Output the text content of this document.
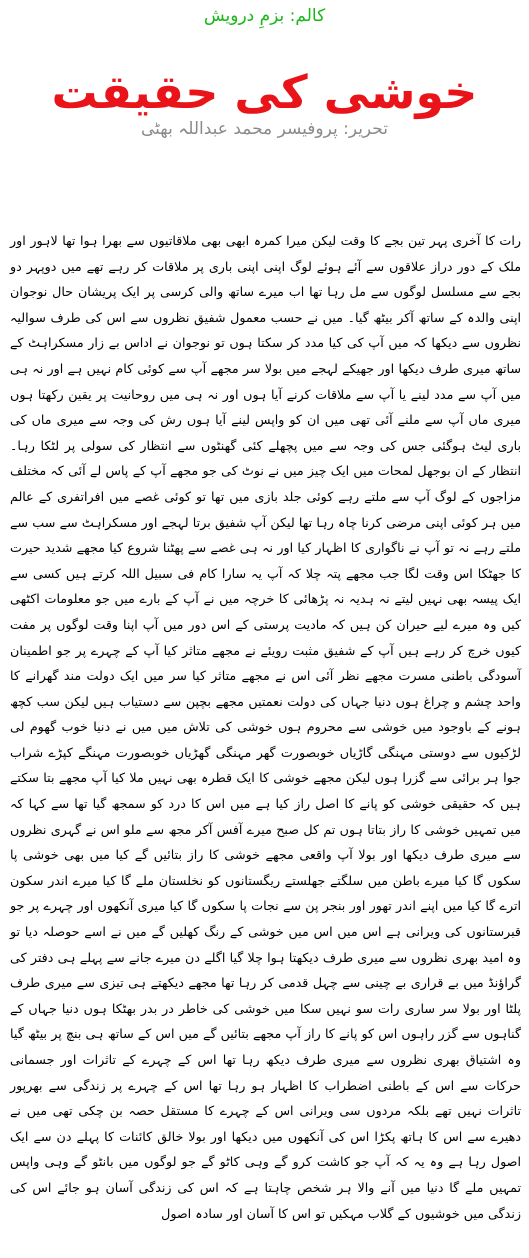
کالم: بزمِ درویش
خوشی کی حقیقت
تحریر: پروفیسر محمد عبداللہ بھٹی

رات کا آخری پہر تین بجے کا وقت لیکن میرا کمرہ ابھی بھی ملاقاتیوں سے بھرا ہوا تھا لاہور اور ملک کے دور دراز علاقوں سے آئے ہوئے لوگ اپنی اپنی باری پر ملاقات کر رہے تھے میں دوپہر دو بجے سے مسلسل لوگوں سے مل رہا تھا اب میرے ساتھ والی کرسی پر ایک پریشان حال نوجوان اپنی والدہ کے ساتھ آکر بیٹھ گیا۔ میں نے حسب معمول شفیق نظروں سے اس کی طرف سوالیہ نظروں سے دیکھا کہ میں آپ کی کیا مدد کر سکتا ہوں تو نوجوان نے اداس بے زار مسکراہٹ کے ساتھ میری طرف دیکھا اور جھیکے لہجے میں بولا سر مجھے آپ سے کوئی کام نہیں ہے اور نہ ہی میں آپ سے مدد لینے یا آپ سے ملاقات کرنے آیا ہوں اور نہ ہی میں روحانیت پر یقین رکھتا ہوں میری ماں آپ سے ملنے آئی تھی میں ان کو واپس لینے آیا ہوں رش کی وجہ سے میری ماں کی باری لیٹ ہوگئی جس کی وجہ سے میں پچھلے کئی گھنٹوں سے انتظار کی سولی پر لٹکا رہا۔ انتظار کے ان بوجھل لمحات میں ایک چیز میں نے نوٹ کی جو مجھے آپ کے پاس لے آئی کہ مختلف مزاجوں کے لوگ آپ سے ملتے رہے کوئی جلد بازی میں تھا تو کوئی غصے میں افراتفری کے عالم میں ہر کوئی اپنی مرضی کرنا چاہ رہا تھا لیکن آپ شفیق برتا لہجے اور مسکراہٹ سے سب سے ملتے رہے نہ تو آپ نے ناگواری کا اظہار کیا اور نہ ہی غصے سے پھٹنا شروع کیا مجھے شدید حیرت کا جھٹکا اس وقت لگا جب مجھے پتہ چلا کہ آپ یہ سارا کام فی سبیل اللہ کرتے ہیں کسی سے ایک پیسہ بھی نہیں لیتے نہ ہدیہ نہ پڑھائی کا خرچہ میں نے آپ کے بارے میں جو معلومات اکٹھی کیں وہ میرے لیے حیران کن ہیں کہ مادیت پرستی کے اس دور میں آپ اپنا وقت لوگوں پر مفت کیوں خرچ کر رہے ہیں آپ کے شفیق مثبت رویئے نے مجھے متاثر کیا آپ کے چہرے پر جو اطمینان آسودگی باطنی مسرت مجھے نظر آئی اس نے مجھے متاثر کیا سر میں ایک دولت مند گھرانے کا واحد چشم و چراغ ہوں دنیا جہاں کی دولت نعمتیں مجھے بچپن سے دستیاب ہیں لیکن سب کچھ ہونے کے باوجود میں خوشی سے محروم ہوں خوشی کی تلاش میں میں نے دنیا خوب گھوم لی لڑکیوں سے دوستی مہنگی گاڑیاں خوبصورت گھر مہنگی گھڑیاں خوبصورت مہنگے کپڑے شراب جوا ہر برائی سے گزرا ہوں لیکن مجھے خوشی کا ایک قطرہ بھی نہیں ملا کیا آپ مجھے بتا سکتے ہیں کہ حقیقی خوشی کو پانے کا اصل راز کیا ہے میں اس کا درد کو سمجھ گیا تھا سے کہا کہ میں تمہیں خوشی کا راز بتاتا ہوں تم کل صبح میرے آفس آکر مجھ سے ملو اس نے گہری نظروں سے میری طرف دیکھا اور بولا آپ واقعی مجھے خوشی کا راز بتائیں گے کیا میں بھی خوشی پا سکوں گا کیا میرے باطن میں سلگتے جھلستے ریگستانوں کو نخلستان ملے گا کیا میرے اندر سکون اترے گا کیا میں اپنے اندر تھور اور بنجر پن سے نجات پا سکوں گا کیا میری آنکھوں اور چہرے پر جو قبرستانوں کی ویرانی ہے اس میں اس میں خوشی کے رنگ کھلیں گے میں نے اسے حوصلہ دیا تو وہ امید بھری نظروں سے میری طرف دیکھتا ہوا چلا گیا اگلے دن میرے جانے سے پہلے ہی دفتر کی گراؤنڈ میں بے قراری بے چینی سے چہل قدمی کر رہا تھا مجھے دیکھتے ہی تیزی سے میری طرف پلٹا اور بولا سر ساری رات سو نہیں سکا میں خوشی کی خاطر در بدر بھٹکا ہوں دنیا جہاں کے گناہوں سے گزر راہوں اس کو پانے کا راز آپ مجھے بتائیں گے میں اس کے ساتھ ہی بنچ پر بیٹھ گیا وہ اشتیاق بھری نظروں سے میری طرف دیکھ رہا تھا اس کے چہرے کے تاثرات اور جسمانی حرکات سے اس کے باطنی اضطراب کا اظہار ہو رہا تھا اس کے چہرے پر زندگی سے بھرپور تاثرات نہیں تھے بلکہ مردوں سی ویرانی اس کے چہرے کا مستقل حصہ بن چکی تھی میں نے دھیرے سے اس کا ہاتھ پکڑا اس کی آنکھوں میں دیکھا اور بولا خالق کائنات کا پہلے دن سے ایک اصول رہا ہے وہ یہ کہ آپ جو کاشت کرو گے وہی کاٹو گے جو لوگوں میں بانٹو گے وہی واپس تمہیں ملے گا دنیا میں آنے والا ہر شخص چاہتا ہے کہ اس کی زندگی آسان ہو جائے اس کی زندگی میں خوشیوں کے گلاب مہکیں تو اس کا آسان اور سادہ اصول
